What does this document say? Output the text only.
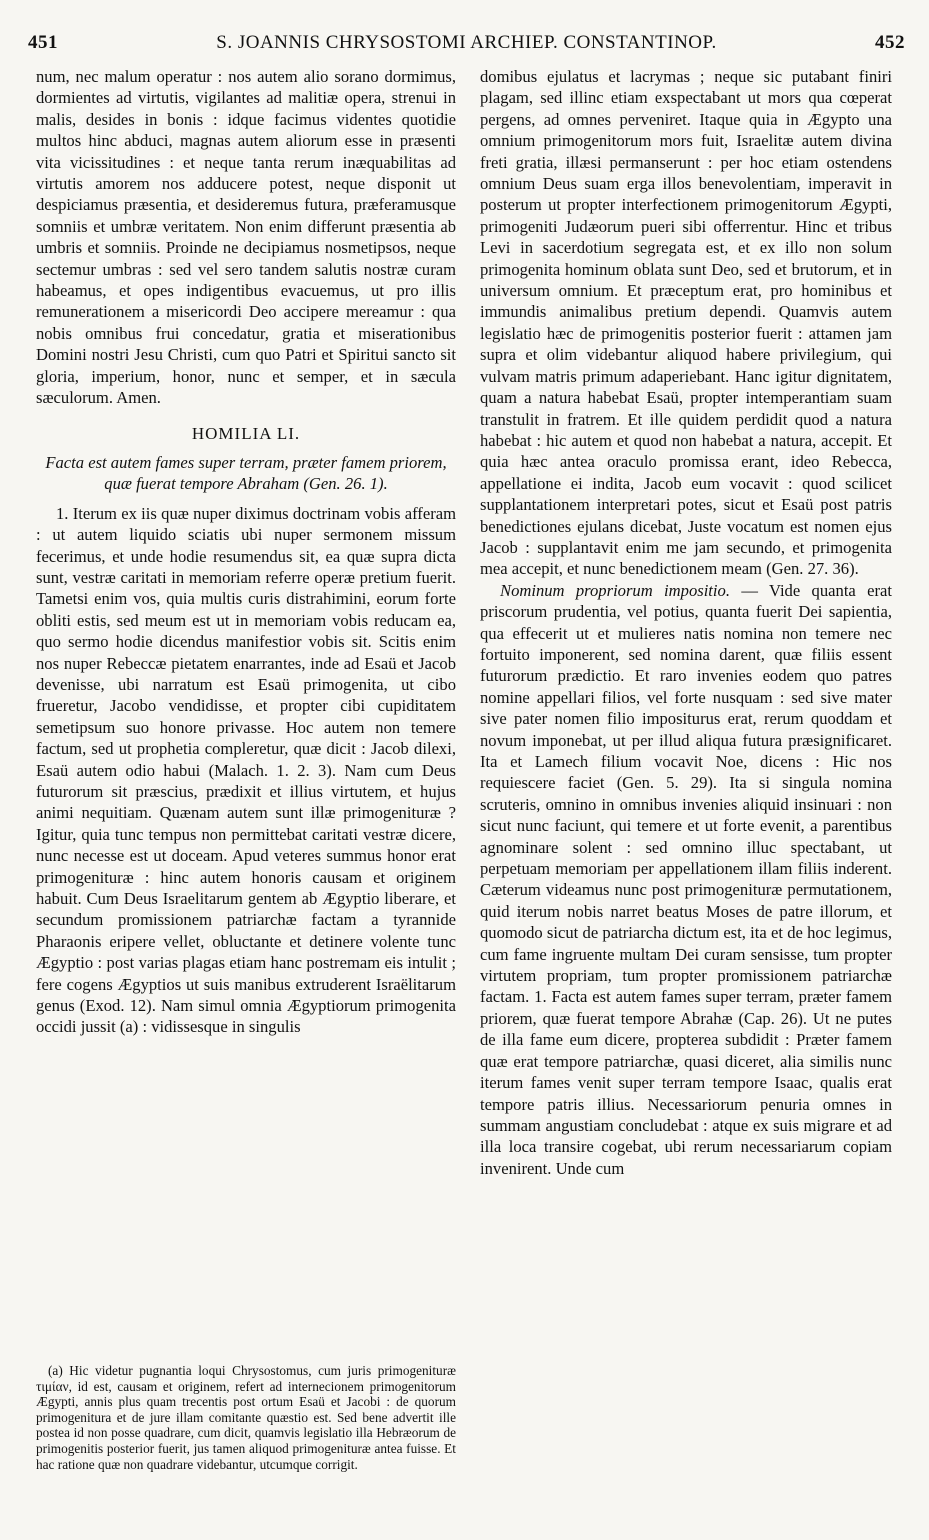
451	S. JOANNIS CHRYSOSTOMI ARCHIEP. CONSTANTINOP.	452

num, nec malum operatur : nos autem alio sorano dormimus, dormientes ad virtutis, vigilantes ad malitiæ opera, strenui in malis, desides in bonis : idque facimus videntes quotidie multos hinc abduci, magnas autem aliorum esse in præsenti vita vicissitudines : et neque tanta rerum inæquabilitas ad virtutis amorem nos adducere potest, neque disponit ut despiciamus præsentia, et desideremus futura, præferamusque somniis et umbræ veritatem. Non enim differunt præsentia ab umbris et somniis. Proinde ne decipiamus nosmetipsos, neque sectemur umbras : sed vel sero tandem salutis nostræ curam habeamus, et opes indigentibus evacuemus, ut pro illis remunerationem a misericordi Deo accipere mereamur : qua nobis omnibus frui concedatur, gratia et miserationibus Domini nostri Jesu Christi, cum quo Patri et Spiritui sancto sit gloria, imperium, honor, nunc et semper, et in sæcula sæculorum. Amen.

HOMILIA LI.
Facta est autem fames super terram, præter famem priorem, quæ fuerat tempore Abraham (Gen. 26. 1).

1. Iterum ex iis quæ nuper diximus doctrinam vobis afferam : ut autem liquido sciatis ubi nuper sermonem missum fecerimus, et unde hodie resumendus sit, ea quæ supra dicta sunt, vestræ caritati in memoriam referre operæ pretium fuerit. Tametsi enim vos, quia multis curis distrahimini, eorum forte obliti estis, sed meum est ut in memoriam vobis reducam ea, quo sermo hodie dicendus manifestior vobis sit. Scitis enim nos nuper Rebeccæ pietatem enarrantes, inde ad Esaü et Jacob devenisse, ubi narratum est Esaü primogenita, ut cibo frueretur, Jacobo vendidisse, et propter cibi cupiditatem semetipsum suo honore privasse. Hoc autem non temere factum, sed ut prophetia compleretur, quæ dicit : Jacob dilexi, Esaü autem odio habui (Malach. 1. 2. 3). Nam cum Deus futurorum sit præscius, prædixit et illius virtutem, et hujus animi nequitiam. Quænam autem sunt illæ primogenituræ ? Igitur, quia tunc tempus non permittebat caritati vestræ dicere, nunc necesse est ut doceam. Apud veteres summus honor erat primogenituræ : hinc autem honoris causam et originem habuit. Cum Deus Israelitarum gentem ab Ægyptio liberare, et secundum promissionem patriarchæ factam a tyrannide Pharaonis eripere vellet, obluctante et detinere volente tunc Ægyptio : post varias plagas etiam hanc postremam eis intulit ; fere cogens Ægyptios ut suis manibus extruderent Israëlitarum genus (Exod. 12). Nam simul omnia Ægyptiorum primogenita occidi jussit (a) : vidissesque in singulis

(a) Hic videtur pugnantia loqui Chrysostomus, cum juris primogenituræ τιμίαν, id est, causam et originem, refert ad internecionem primogenitorum Ægypti, annis plus quam trecentis post ortum Esaü et Jacobi : de quorum primogenitura et de jure illam comitante quæstio est. Sed bene advertit ille postea id non posse quadrare, cum dicit, quamvis legislatio illa Hebræorum de primogenitis posterior fuerit, jus tamen aliquod primogenituræ antea fuisse. Et hac ratione quæ non quadrare videbantur, utcumque corrigit.

domibus ejulatus et lacrymas ; neque sic putabant finiri plagam, sed illinc etiam exspectabant ut mors qua cœperat pergens, ad omnes perveniret. Itaque quia in Ægypto una omnium primogenitorum mors fuit, Israelitæ autem divina freti gratia, illæsi permanserunt : per hoc etiam ostendens omnium Deus suam erga illos benevolentiam, imperavit in posterum ut propter interfectionem primogenitorum Ægypti, primogeniti Judæorum pueri sibi offerrentur. Hinc et tribus Levi in sacerdotium segregata est, et ex illo non solum primogenita hominum oblata sunt Deo, sed et brutorum, et in universum omnium. Et præceptum erat, pro hominibus et immundis animalibus pretium dependi. Quamvis autem legislatio hæc de primogenitis posterior fuerit : attamen jam supra et olim videbantur aliquod habere privilegium, qui vulvam matris primum adaperiebant. Hanc igitur dignitatem, quam a natura habebat Esaü, propter intemperantiam suam transtulit in fratrem. Et ille quidem perdidit quod a natura habebat : hic autem et quod non habebat a natura, accepit. Et quia hæc antea oraculo promissa erant, ideo Rebecca, appellatione ei indita, Jacob eum vocavit : quod scilicet supplantationem interpretari potes, sicut et Esaü post patris benedictiones ejulans dicebat, Juste vocatum est nomen ejus Jacob : supplantavit enim me jam secundo, et primogenita mea accepit, et nunc benedictionem meam (Gen. 27. 36).

Nominum propriorum impositio. — Vide quanta erat priscorum prudentia, vel potius, quanta fuerit Dei sapientia, qua effecerit ut et mulieres natis nomina non temere nec fortuito imponerent, sed nomina darent, quæ filiis essent futurorum prædictio. Et raro invenies eodem quo patres nomine appellari filios, vel forte nusquam : sed sive mater sive pater nomen filio impositurus erat, rerum quoddam et novum imponebat, ut per illud aliqua futura præsignificaret. Ita et Lamech filium vocavit Noe, dicens : Hic nos requiescere faciet (Gen. 5. 29). Ita si singula nomina scruteris, omnino in omnibus invenies aliquid insinuari : non sicut nunc faciunt, qui temere et ut forte evenit, a parentibus agnominare solent : sed omnino illuc spectabant, ut perpetuam memoriam per appellationem illam filiis inderent. Cæterum videamus nunc post primogenituræ permutationem, quid iterum nobis narret beatus Moses de patre illorum, et quomodo sicut de patriarcha dictum est, ita et de hoc legimus, cum fame ingruente multam Dei curam sensisse, tum propter virtutem propriam, tum propter promissionem patriarchæ factam. 1. Facta est autem fames super terram, præter famem priorem, quæ fuerat tempore Abrahæ (Cap. 26). Ut ne putes de illa fame eum dicere, propterea subdidit : Præter famem quæ erat tempore patriarchæ, quasi diceret, alia similis nunc iterum fames venit super terram tempore Isaac, qualis erat tempore patris illius. Necessariorum penuria omnes in summam angustiam concludebat : atque ex suis migrare et ad illa loca transire cogebat, ubi rerum necessariarum copiam invenirent. Unde cum
